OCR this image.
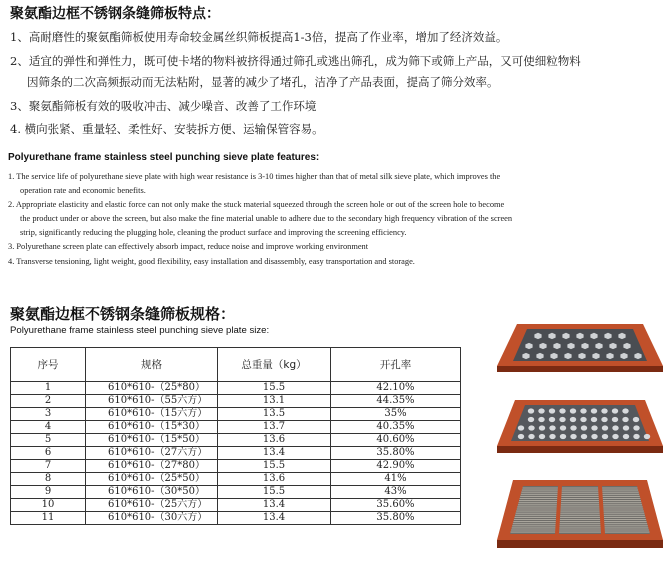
聚氨酯边框不锈钢条缝筛板特点：
1、高耐磨性的聚氨酯筛板使用寿命较金属丝织筛板提高1-3倍，提高了作业率，增加了经济效益。
2、适宜的弹性和弹性力，既可使卡堵的物料被挤得通过筛孔或逃出筛孔，成为筛下或筛上产品，又可使细粒物料
因筛条的二次高频振动而无法粘附，显著的减少了堵孔，洁净了产品表面，提高了筛分效率。
3、聚氨酯筛板有效的吸收冲击、减少噪音、改善了工作环境
4. 横向张紧、重量轻、柔性好、安装拆方便、运输保管容易。
Polyurethane frame stainless steel punching sieve plate features:
1. The service life of polyurethane sieve plate with high wear resistance is 3-10 times higher than that of metal silk sieve plate, which improves the
operation rate and economic benefits.
2. Appropriate elasticity and elastic force can not only make the stuck material squeezed through the screen hole or out of the screen hole to become
the product under or above the screen, but also make the fine material unable to adhere due to the secondary high frequency vibration of the screen
strip, significantly reducing the plugging hole, cleaning the product surface and improving the screening efficiency.
3. Polyurethane screen plate can effectively absorb impact, reduce noise and improve working environment
4. Transverse tensioning, light weight, good flexibility, easy installation and disassembly, easy transportation and storage.
聚氨酯边框不锈钢条缝筛板规格：
Polyurethane frame stainless steel punching sieve plate size:
序号	规格	总重量（kg）	开孔率
1	610*610-（25*80）	15.5	42.10%
2	610*610-（55六方）	13.1	44.35%
3	610*610-（15六方）	13.5	35%
4	610*610-（15*30）	13.7	40.35%
5	610*610-（15*50）	13.6	40.60%
6	610*610-（27六方）	13.4	35.80%
7	610*610-（27*80）	15.5	42.90%
8	610*610-（25*50）	13.6	41%
9	610*610-（30*50）	15.5	43%
10	610*610-（25六方）	13.4	35.60%
11	610*610-（30六方）	13.4	35.80%
